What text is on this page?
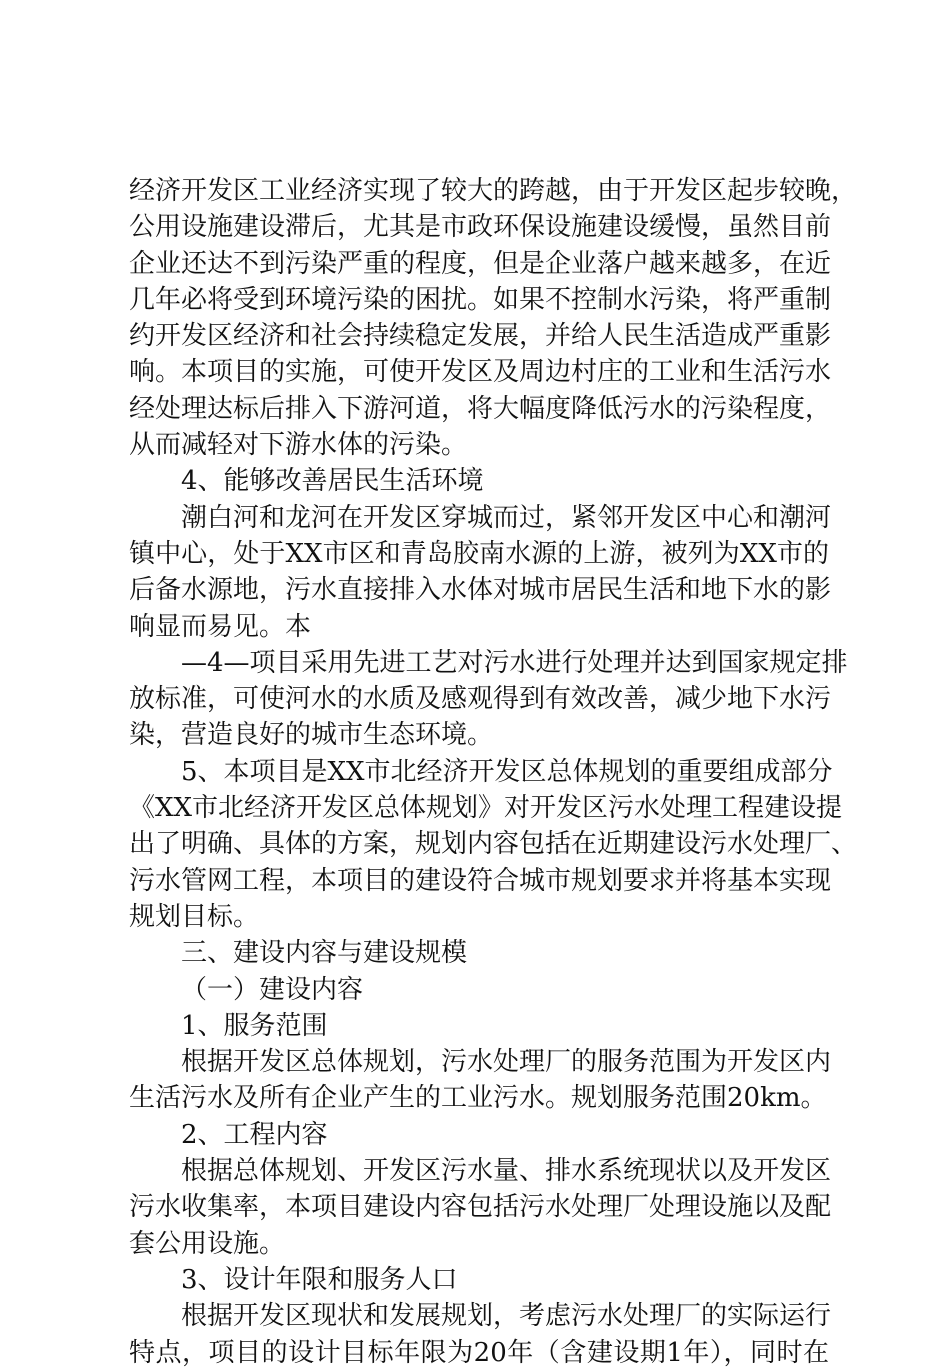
经济开发区工业经济实现了较大的跨越，由于开发区起步较晚，
公用设施建设滞后，尤其是市政环保设施建设缓慢，虽然目前
企业还达不到污染严重的程度，但是企业落户越来越多，在近
几年必将受到环境污染的困扰。如果不控制水污染，将严重制
约开发区经济和社会持续稳定发展，并给人民生活造成严重影
响。本项目的实施，可使开发区及周边村庄的工业和生活污水
经处理达标后排入下游河道，将大幅度降低污水的污染程度，
从而减轻对下游水体的污染。
4、能够改善居民生活环境
潮白河和龙河在开发区穿城而过，紧邻开发区中心和潮河
镇中心，处于XX市区和青岛胶南水源的上游，被列为XX市的
后备水源地，污水直接排入水体对城市居民生活和地下水的影
响显而易见。本
—4—项目采用先进工艺对污水进行处理并达到国家规定排
放标准，可使河水的水质及感观得到有效改善，减少地下水污
染，营造良好的城市生态环境。
5、本项目是XX市北经济开发区总体规划的重要组成部分
《XX市北经济开发区总体规划》对开发区污水处理工程建设提
出了明确、具体的方案，规划内容包括在近期建设污水处理厂、
污水管网工程，本项目的建设符合城市规划要求并将基本实现
规划目标。
三、建设内容与建设规模
（一）建设内容
1、服务范围
根据开发区总体规划，污水处理厂的服务范围为开发区内
生活污水及所有企业产生的工业污水。规划服务范围20km。
2、工程内容
根据总体规划、开发区污水量、排水系统现状以及开发区
污水收集率，本项目建设内容包括污水处理厂处理设施以及配
套公用设施。
3、设计年限和服务人口
根据开发区现状和发展规划，考虑污水处理厂的实际运行
特点，项目的设计目标年限为20年（含建设期1年），同时在
